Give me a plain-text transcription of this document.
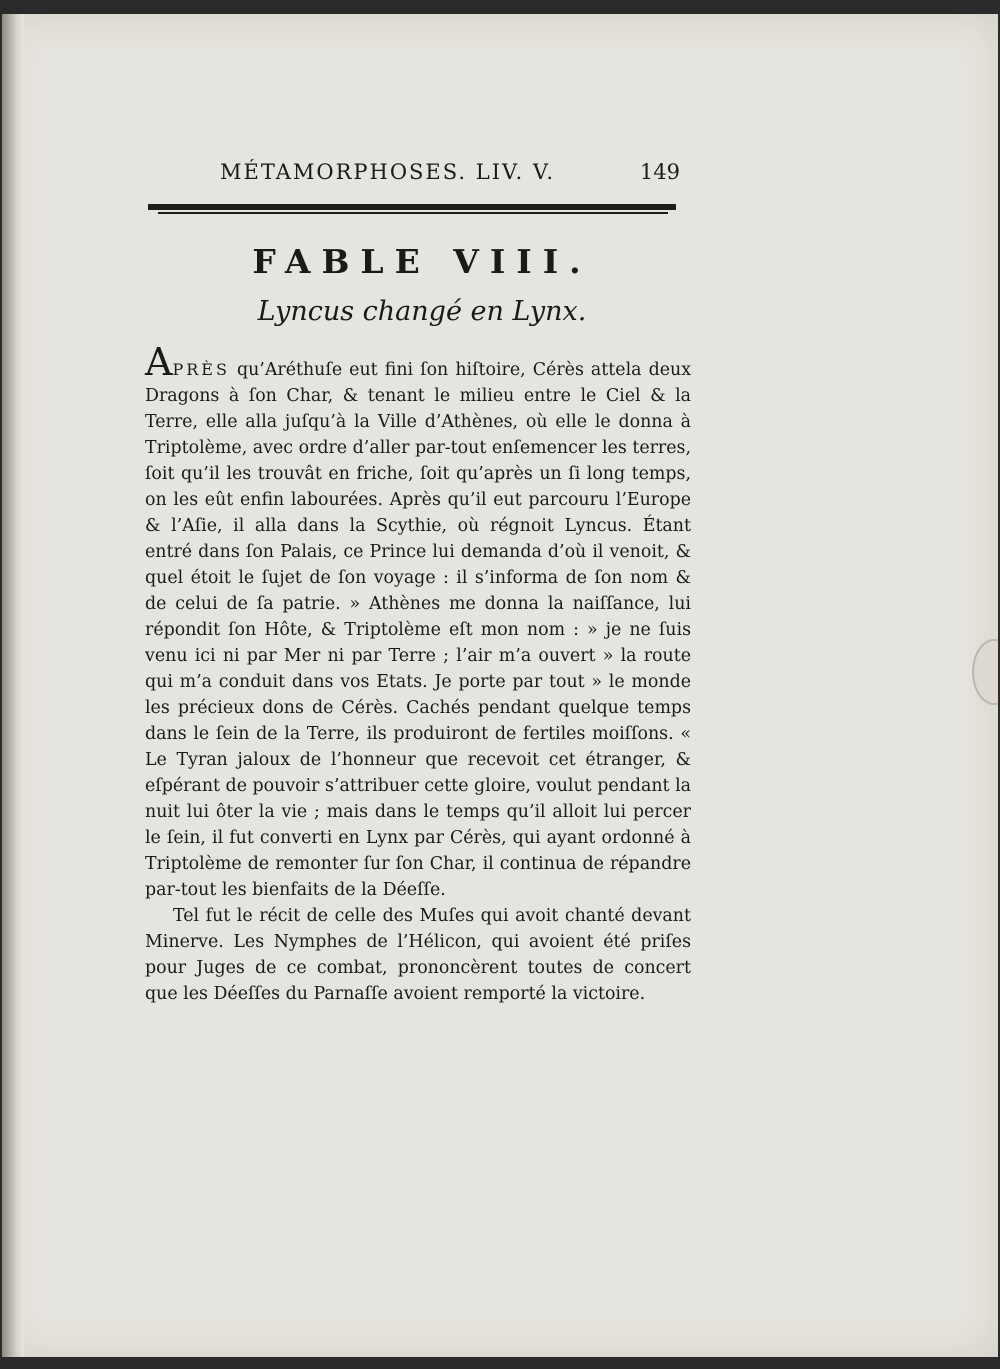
MÉTAMORPHOSES. LIV. V.	149
FABLE VIII.
Lyncus changé en Lynx.

APRÈS qu’Aréthuſe eut fini ſon hiſtoire, Cérès attela deux Dragons à ſon Char, & tenant le milieu entre le Ciel & la Terre, elle alla juſqu’à la Ville d’Athènes, où elle le donna à Triptolème, avec ordre d’aller par-tout enſemencer les terres, ſoit qu’il les trouvât en friche, ſoit qu’après un ſi long temps, on les eût enfin labourées. Après qu’il eut parcouru l’Europe & l’Aſie, il alla dans la Scythie, où régnoit Lyncus. Étant entré dans ſon Palais, ce Prince lui demanda d’où il venoit, & quel étoit le ſujet de ſon voyage : il s’informa de ſon nom & de celui de ſa patrie. » Athènes me donna la naiſſance, lui répondit ſon Hôte, & Triptolème eſt mon nom : » je ne ſuis venu ici ni par Mer ni par Terre ; l’air m’a ouvert » la route qui m’a conduit dans vos Etats. Je porte par tout » le monde les précieux dons de Cérès. Cachés pendant quelque temps dans le ſein de la Terre, ils produiront de fertiles moiſſons. « Le Tyran jaloux de l’honneur que recevoit cet étranger, & eſpérant de pouvoir s’attribuer cette gloire, voulut pendant la nuit lui ôter la vie ; mais dans le temps qu’il alloit lui percer le ſein, il fut converti en Lynx par Cérès, qui ayant ordonné à Triptolème de remonter ſur ſon Char, il continua de répandre par-tout les bienfaits de la Déeſſe.

Tel fut le récit de celle des Muſes qui avoit chanté devant Minerve. Les Nymphes de l’Hélicon, qui avoient été priſes pour Juges de ce combat, prononcèrent toutes de concert que les Déeſſes du Parnaſſe avoient remporté la victoire.
